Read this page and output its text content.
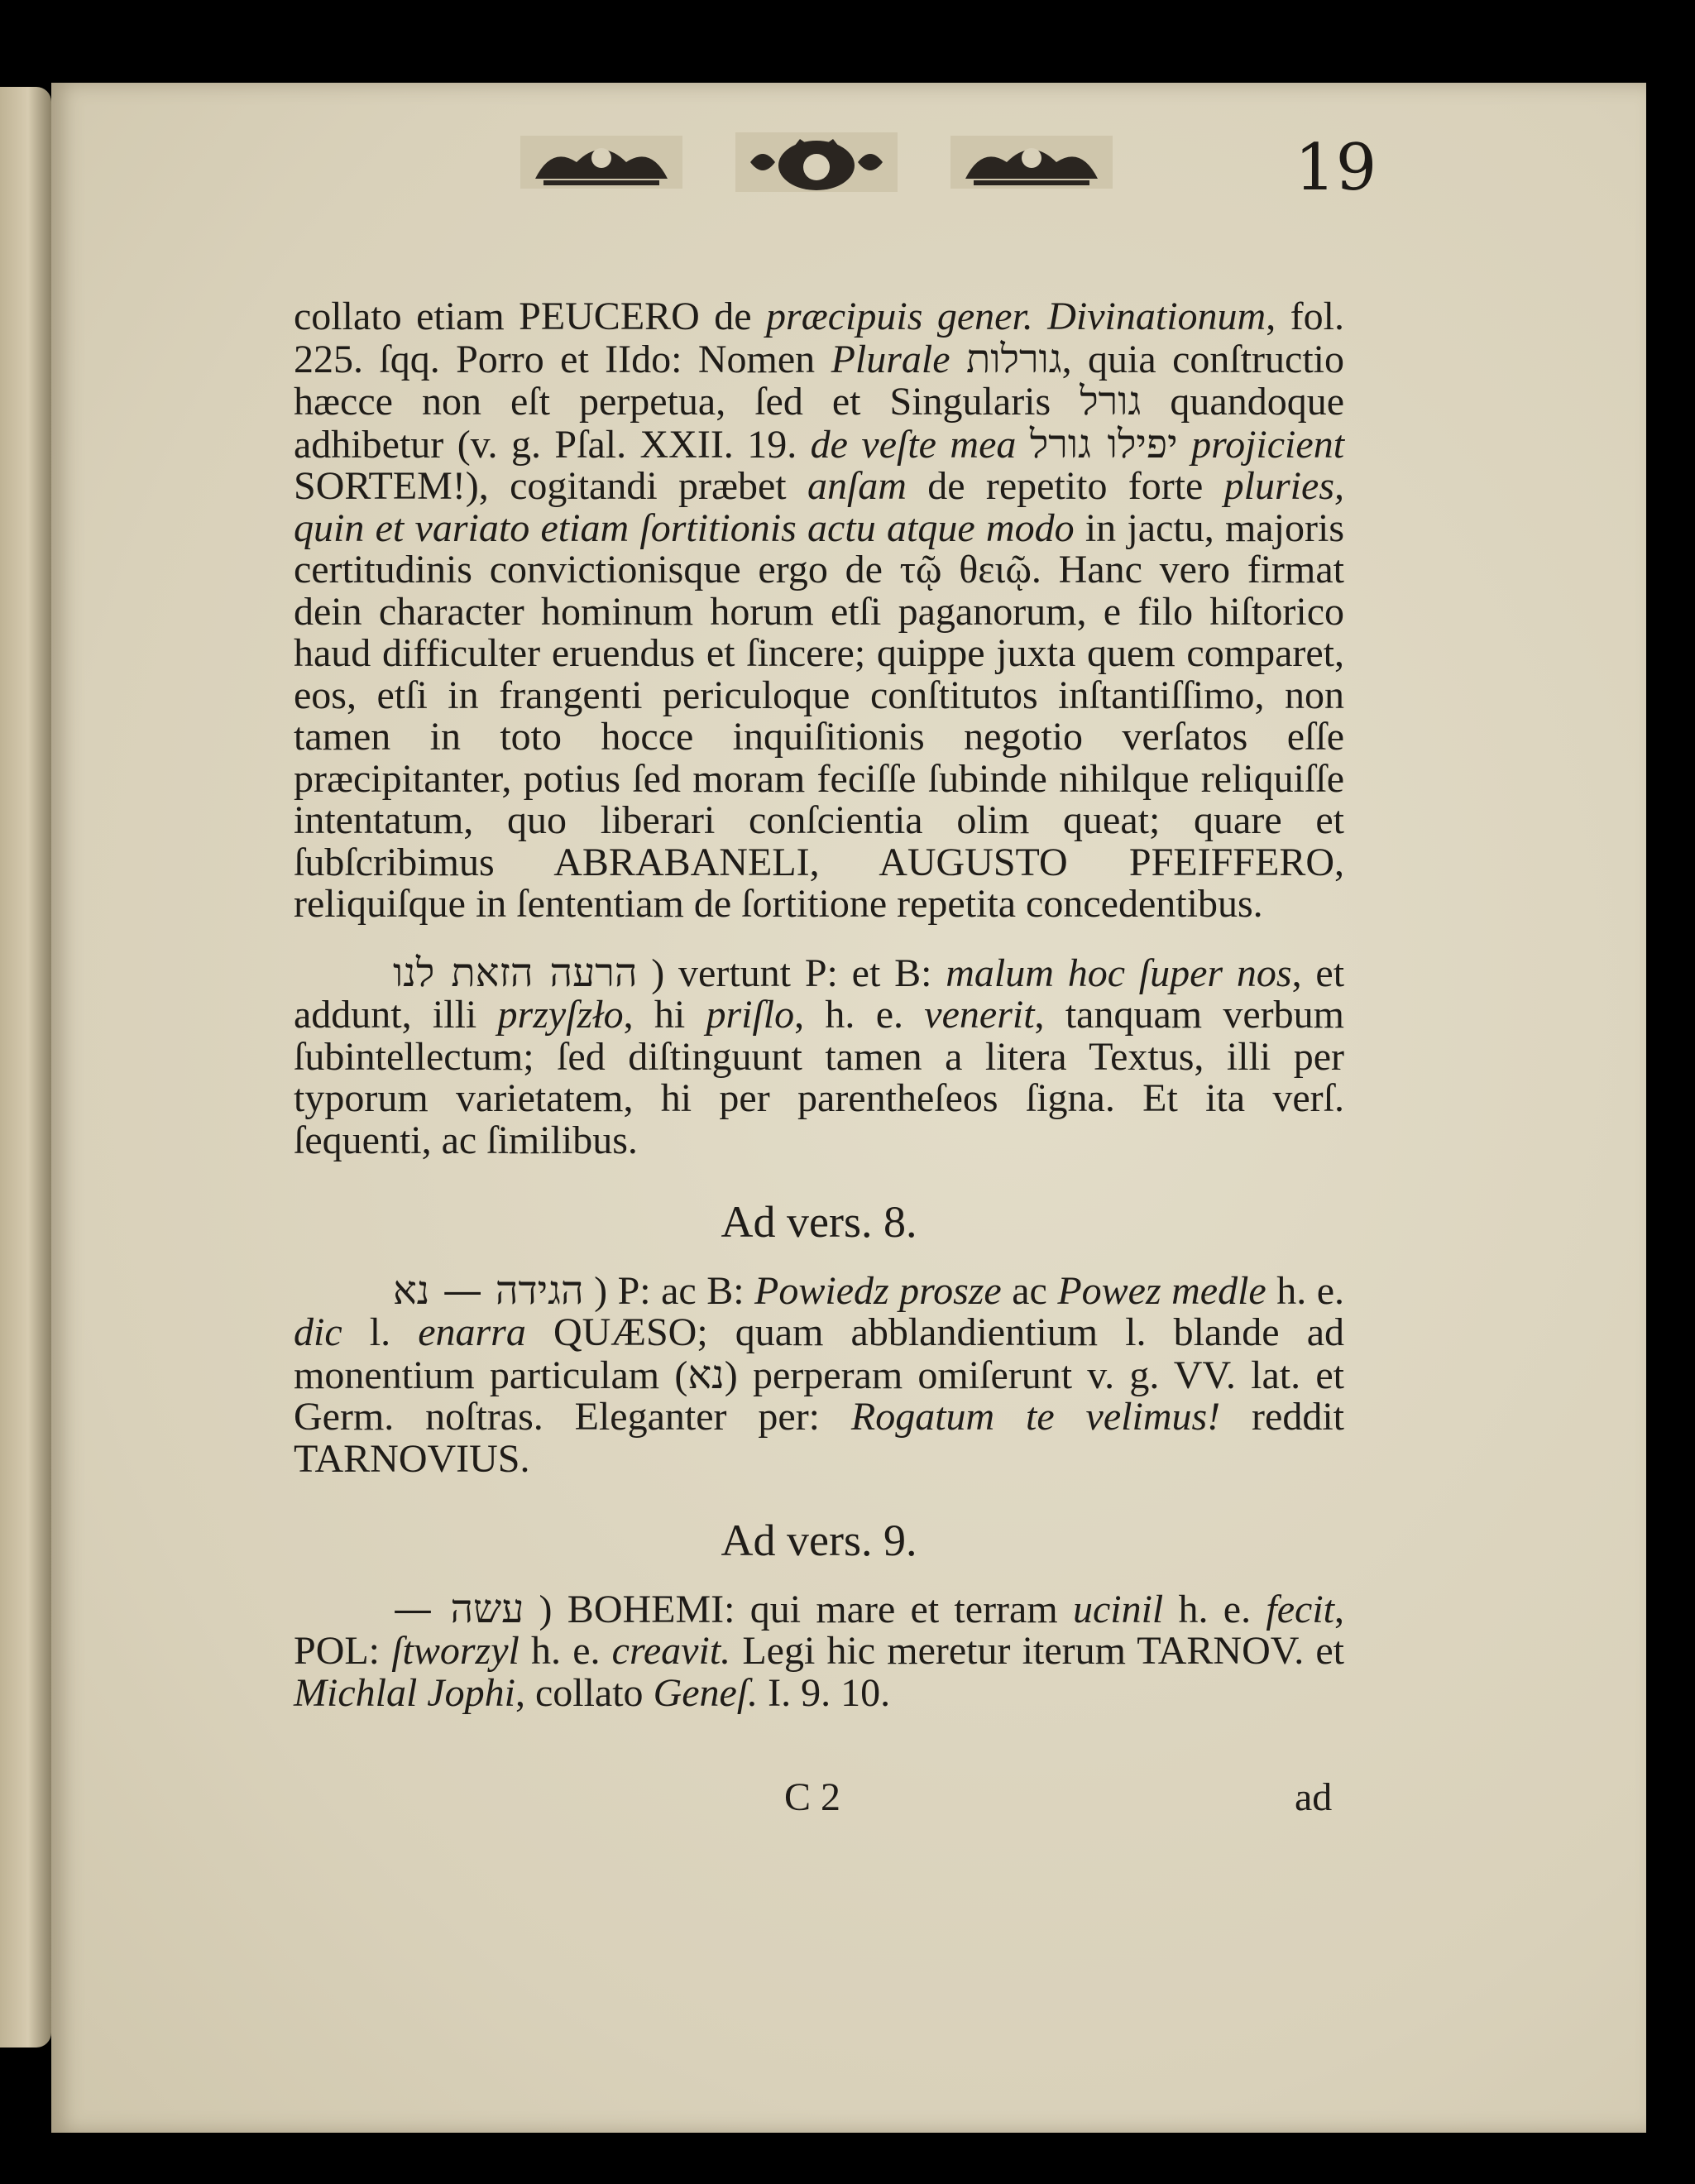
19

collato etiam PEUCERO de præcipuis gener. Divinationum, fol. 225. ſqq. Porro et IIdo: Nomen Plurale גורלות, quia conſtructio hæcce non eſt perpetua, ſed et Singularis גורל quandoque adhibetur (v. g. Pſal. XXII. 19. de veſte mea יפילו גורל projicient SORTEM!), cogitandi præbet anſam de repetito forte pluries, quin et variato etiam ſortitionis actu atque modo in jactu, majoris certitudinis convictionisque ergo de τῷ θειῷ. Hanc vero firmat dein character hominum horum etſi paganorum, e filo hiſtorico haud difficulter eruendus et ſincere; quippe juxta quem comparet, eos, etſi in frangenti periculoque conſtitutos inſtantiſſimo, non tamen in toto hocce inquiſitionis negotio verſatos eſſe præcipitanter, potius ſed moram feciſſe ſubinde nihilque reliquiſſe intentatum, quo liberari conſcientia olim queat; quare et ſubſcribimus ABRABANELI, AUGUSTO PFEIFFERO, reliquiſque in ſententiam de ſortitione repetita concedentibus.

הרעה הזאת לנו ) vertunt P: et B: malum hoc ſuper nos, et addunt, illi przyſzło, hi priſlo, h. e. venerit, tanquam verbum ſubintellectum; ſed diſtinguunt tamen a litera Textus, illi per typorum varietatem, hi per parentheſeos ſigna. Et ita verſ. ſequenti, ac ſimilibus.

Ad vers. 8.

הגידה — נא ) P: ac B: Powiedz prosze ac Powez medle h. e. dic l. enarra QUÆSO; quam abblandientium l. blande ad monentium particulam (נא) perperam omiſerunt v. g. VV. lat. et Germ. noſtras. Eleganter per: Rogatum te velimus! reddit TARNOVIUS.

Ad vers. 9.

עשה — ) BOHEMI: qui mare et terram ucinil h. e. fecit, POL: ſtworzyl h. e. creavit. Legi hic meretur iterum TARNOV. et Michlal Jophi, collato Geneſ. I. 9. 10.

C 2	ad
